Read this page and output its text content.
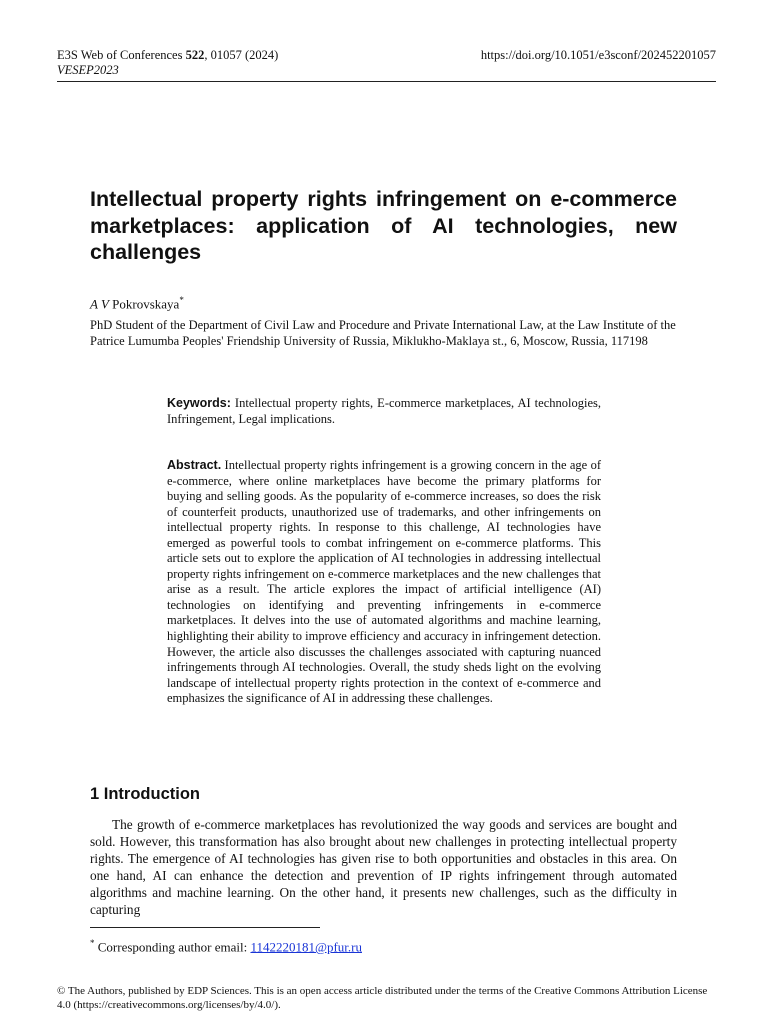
E3S Web of Conferences 522, 01057 (2024)
VESEP2023
https://doi.org/10.1051/e3sconf/202452201057
Intellectual property rights infringement on e-commerce marketplaces: application of AI technologies, new challenges
A V Pokrovskaya*
PhD Student of the Department of Civil Law and Procedure and Private International Law, at the Law Institute of the Patrice Lumumba Peoples' Friendship University of Russia, Miklukho-Maklaya st., 6, Moscow, Russia, 117198
Keywords: Intellectual property rights, E-commerce marketplaces, AI technologies, Infringement, Legal implications.
Abstract. Intellectual property rights infringement is a growing concern in the age of e-commerce, where online marketplaces have become the primary platforms for buying and selling goods. As the popularity of e-commerce increases, so does the risk of counterfeit products, unauthorized use of trademarks, and other infringements on intellectual property rights. In response to this challenge, AI technologies have emerged as powerful tools to combat infringement on e-commerce platforms. This article sets out to explore the application of AI technologies in addressing intellectual property rights infringement on e-commerce marketplaces and the new challenges that arise as a result. The article explores the impact of artificial intelligence (AI) technologies on identifying and preventing infringements in e-commerce marketplaces. It delves into the use of automated algorithms and machine learning, highlighting their ability to improve efficiency and accuracy in infringement detection. However, the article also discusses the challenges associated with capturing nuanced infringements through AI technologies. Overall, the study sheds light on the evolving landscape of intellectual property rights protection in the context of e-commerce and emphasizes the significance of AI in addressing these challenges.
1 Introduction

The growth of e-commerce marketplaces has revolutionized the way goods and services are bought and sold. However, this transformation has also brought about new challenges in protecting intellectual property rights. The emergence of AI technologies has given rise to both opportunities and obstacles in this area. On one hand, AI can enhance the detection and prevention of IP rights infringement through automated algorithms and machine learning. On the other hand, it presents new challenges, such as the difficulty in capturing

* Corresponding author email: 1142220181@pfur.ru
© The Authors, published by EDP Sciences. This is an open access article distributed under the terms of the Creative Commons Attribution License 4.0 (https://creativecommons.org/licenses/by/4.0/).
